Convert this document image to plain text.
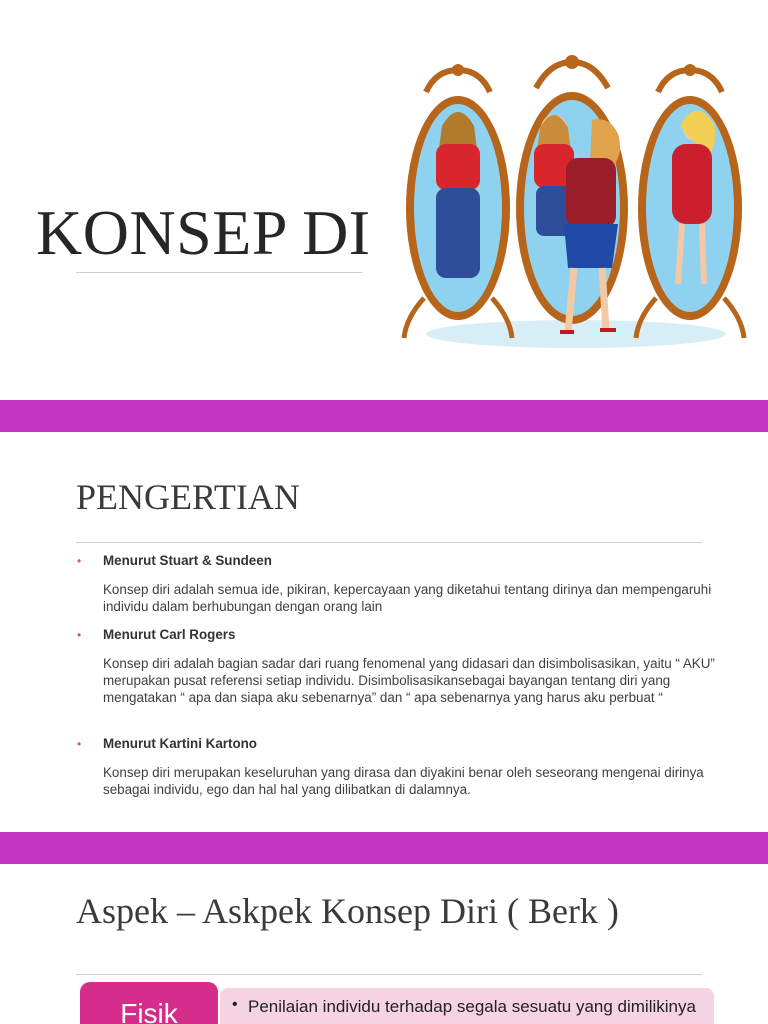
KONSEP DI
PENGERTIAN
• Menurut Stuart & Sundeen
Konsep diri adalah semua ide, pikiran, kepercayaan yang diketahui tentang dirinya dan mempengaruhi individu dalam berhubungan dengan orang lain
• Menurut Carl Rogers
Konsep diri adalah bagian sadar dari ruang fenomenal yang didasari dan disimbolisasikan, yaitu “ AKU” merupakan pusat referensi setiap individu. Disimbolisasikansebagai bayangan tentang diri yang mengatakan “ apa dan siapa aku sebenarnya” dan “ apa sebenarnya yang harus aku perbuat “
• Menurut Kartini Kartono
Konsep diri merupakan keseluruhan yang dirasa dan diyakini benar oleh seseorang mengenai dirinya sebagai individu, ego dan hal hal yang dilibatkan di dalamnya.
Aspek – Askpek Konsep Diri ( Berk )
• Penilaian individu terhadap segala sesuatu yang dimilikinya
Fisik
